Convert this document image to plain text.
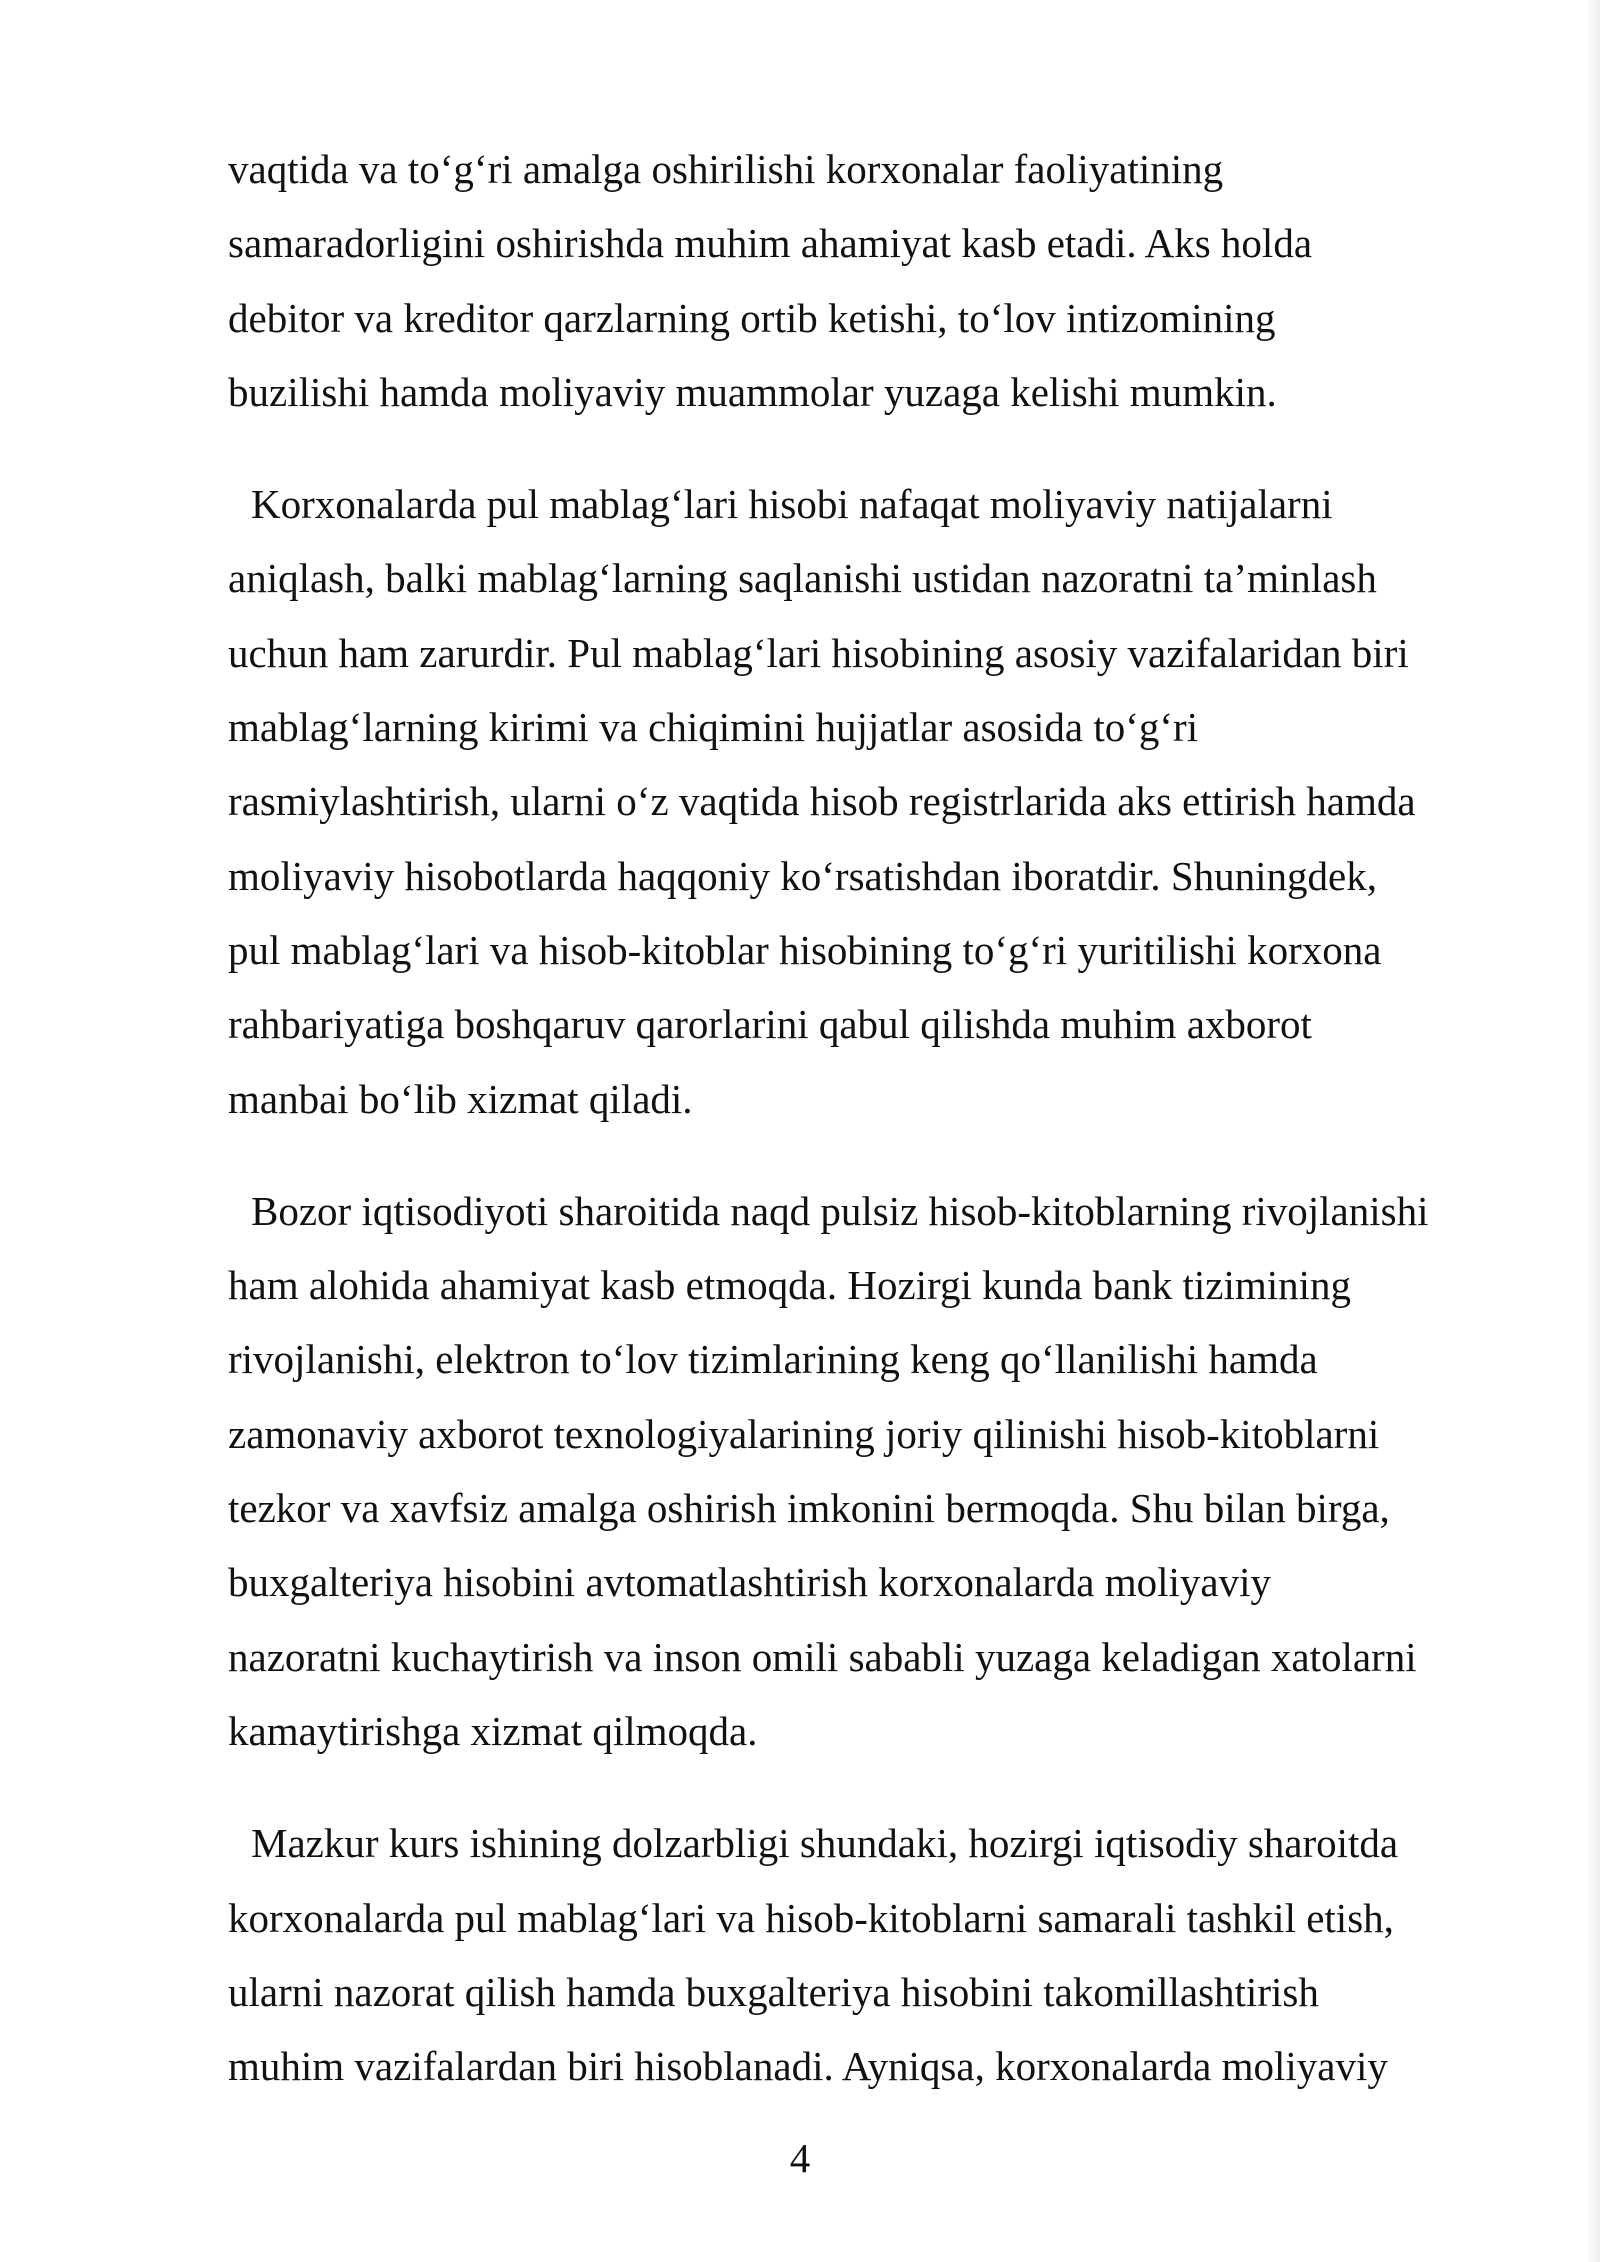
vaqtida va to‘g‘ri amalga oshirilishi korxonalar faoliyatining
samaradorligini oshirishda muhim ahamiyat kasb etadi. Aks holda
debitor va kreditor qarzlarning ortib ketishi, to‘lov intizomining
buzilishi hamda moliyaviy muammolar yuzaga kelishi mumkin.
Korxonalarda pul mablag‘lari hisobi nafaqat moliyaviy natijalarni
aniqlash, balki mablag‘larning saqlanishi ustidan nazoratni ta’minlash
uchun ham zarurdir. Pul mablag‘lari hisobining asosiy vazifalaridan biri
mablag‘larning kirimi va chiqimini hujjatlar asosida to‘g‘ri
rasmiylashtirish, ularni o‘z vaqtida hisob registrlarida aks ettirish hamda
moliyaviy hisobotlarda haqqoniy ko‘rsatishdan iboratdir. Shuningdek,
pul mablag‘lari va hisob-kitoblar hisobining to‘g‘ri yuritilishi korxona
rahbariyatiga boshqaruv qarorlarini qabul qilishda muhim axborot
manbai bo‘lib xizmat qiladi.
Bozor iqtisodiyoti sharoitida naqd pulsiz hisob-kitoblarning rivojlanishi
ham alohida ahamiyat kasb etmoqda. Hozirgi kunda bank tizimining
rivojlanishi, elektron to‘lov tizimlarining keng qo‘llanilishi hamda
zamonaviy axborot texnologiyalarining joriy qilinishi hisob-kitoblarni
tezkor va xavfsiz amalga oshirish imkonini bermoqda. Shu bilan birga,
buxgalteriya hisobini avtomatlashtirish korxonalarda moliyaviy
nazoratni kuchaytirish va inson omili sababli yuzaga keladigan xatolarni
kamaytirishga xizmat qilmoqda.
Mazkur kurs ishining dolzarbligi shundaki, hozirgi iqtisodiy sharoitda
korxonalarda pul mablag‘lari va hisob-kitoblarni samarali tashkil etish,
ularni nazorat qilish hamda buxgalteriya hisobini takomillashtirish
muhim vazifalardan biri hisoblanadi. Ayniqsa, korxonalarda moliyaviy
4
